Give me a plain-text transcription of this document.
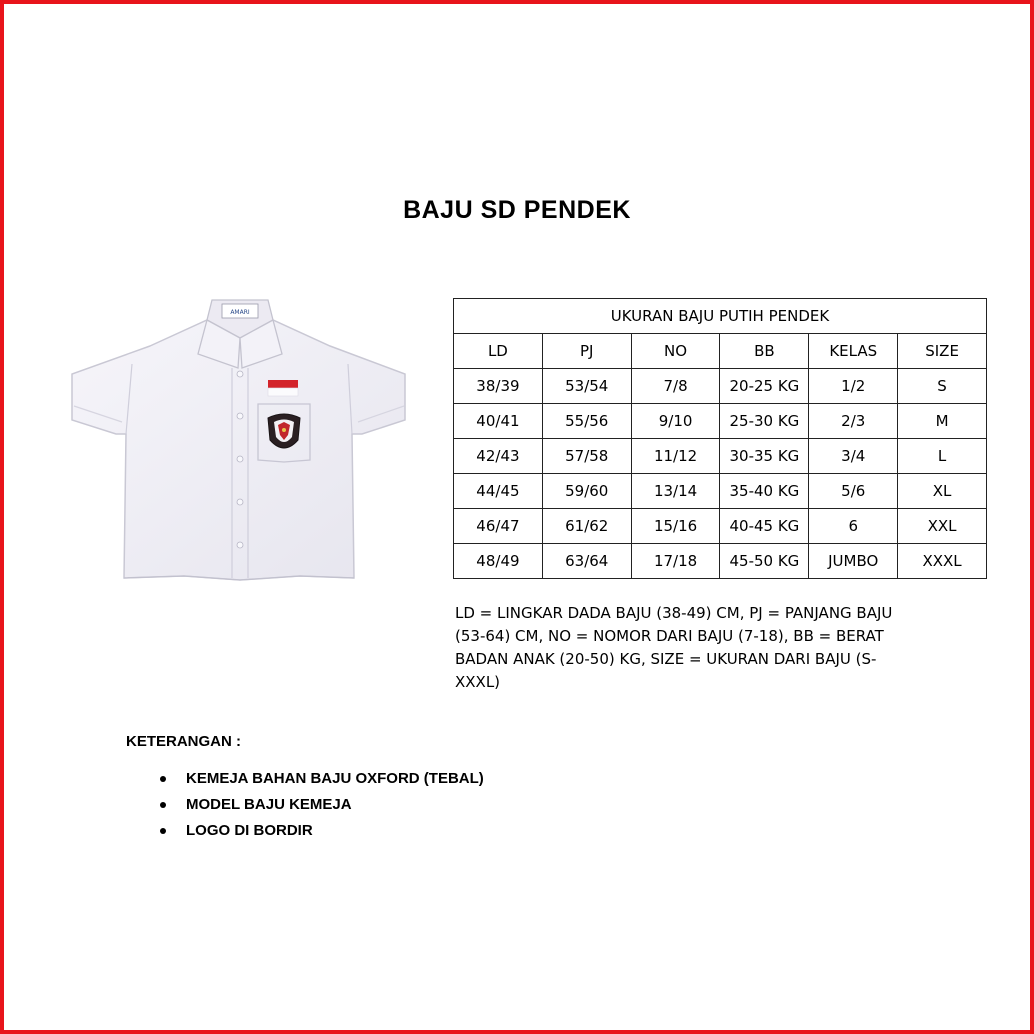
BAJU SD PENDEK
AMARI	UKURAN BAJU PUTIH PENDEK					
LD	PJ	NO	BB	KELAS	SIZE
38/39	53/54	7/8	20-25 KG	1/2	S
40/41	55/56	9/10	25-30 KG	2/3	M
42/43	57/58	11/12	30-35 KG	3/4	L
44/45	59/60	13/14	35-40 KG	5/6	XL
46/47	61/62	15/16	40-45 KG	6	XXL
48/49	63/64	17/18	45-50 KG	JUMBO	XXXL
LD = LINGKAR DADA BAJU (38-49) CM, PJ = PANJANG BAJU (53-64) CM, NO = NOMOR DARI BAJU (7-18), BB = BERAT BADAN ANAK (20-50) KG, SIZE = UKURAN DARI BAJU (S-XXXL)
KETERANGAN :
KEMEJA BAHAN BAJU OXFORD (TEBAL)
MODEL BAJU KEMEJA
LOGO DI BORDIR
